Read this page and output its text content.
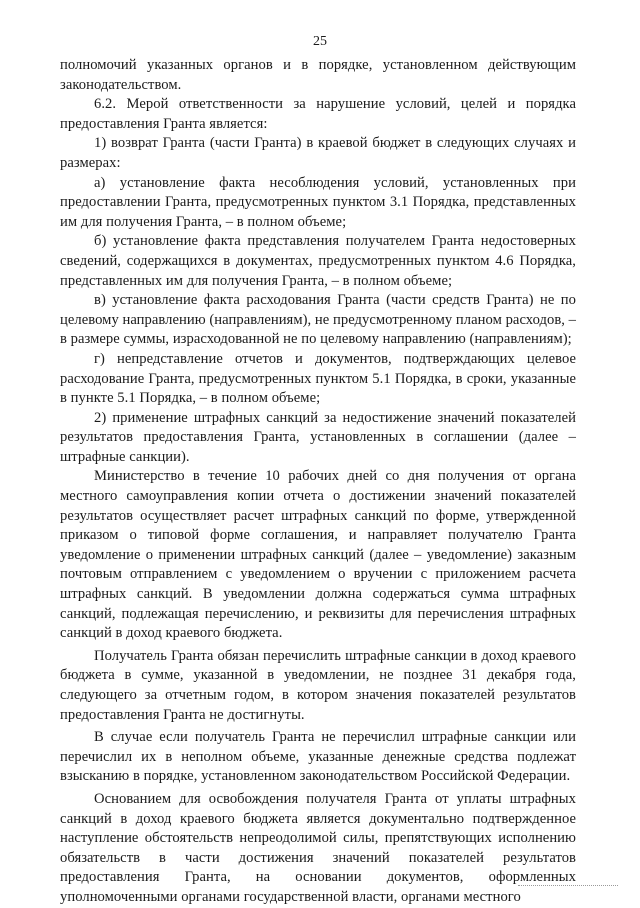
25

полномочий указанных органов и в порядке, установленном действующим законодательством.

6.2. Мерой ответственности за нарушение условий, целей и порядка предоставления Гранта является:

1) возврат Гранта (части Гранта) в краевой бюджет в следующих случаях и размерах:

а) установление факта несоблюдения условий, установленных при предоставлении Гранта, предусмотренных пунктом 3.1 Порядка, представленных им для получения Гранта, – в полном объеме;

б) установление факта представления получателем Гранта недостоверных сведений, содержащихся в документах, предусмотренных пунктом 4.6 Порядка, представленных им для получения Гранта, – в полном объеме;

в) установление факта расходования Гранта (части средств Гранта) не по целевому направлению (направлениям), не предусмотренному планом расходов, – в размере суммы, израсходованной не по целевому направлению (направлениям);

г) непредставление отчетов и документов, подтверждающих целевое расходование Гранта, предусмотренных пунктом 5.1 Порядка, в сроки, указанные в пункте 5.1 Порядка, – в полном объеме;

2) применение штрафных санкций за недостижение значений показателей результатов предоставления Гранта, установленных в соглашении (далее – штрафные санкции).

Министерство в течение 10 рабочих дней со дня получения от органа местного самоуправления копии отчета о достижении значений показателей результатов осуществляет расчет штрафных санкций по форме, утвержденной приказом о типовой форме соглашения, и направляет получателю Гранта уведомление о применении штрафных санкций (далее – уведомление) заказным почтовым отправлением с уведомлением о вручении с приложением расчета штрафных санкций. В уведомлении должна содержаться сумма штрафных санкций, подлежащая перечислению, и реквизиты для перечисления штрафных санкций в доход краевого бюджета.

Получатель Гранта обязан перечислить штрафные санкции в доход краевого бюджета в сумме, указанной в уведомлении, не позднее 31 декабря года, следующего за отчетным годом, в котором значения показателей результатов предоставления Гранта не достигнуты.

В случае если получатель Гранта не перечислил штрафные санкции или перечислил их в неполном объеме, указанные денежные средства подлежат взысканию в порядке, установленном законодательством Российской Федерации.

Основанием для освобождения получателя Гранта от уплаты штрафных санкций в доход краевого бюджета является документально подтвержденное наступление обстоятельств непреодолимой силы, препятствующих исполнению обязательств в части достижения значений показателей результатов предоставления Гранта, на основании документов, оформленных уполномоченными органами государственной власти, органами местного
